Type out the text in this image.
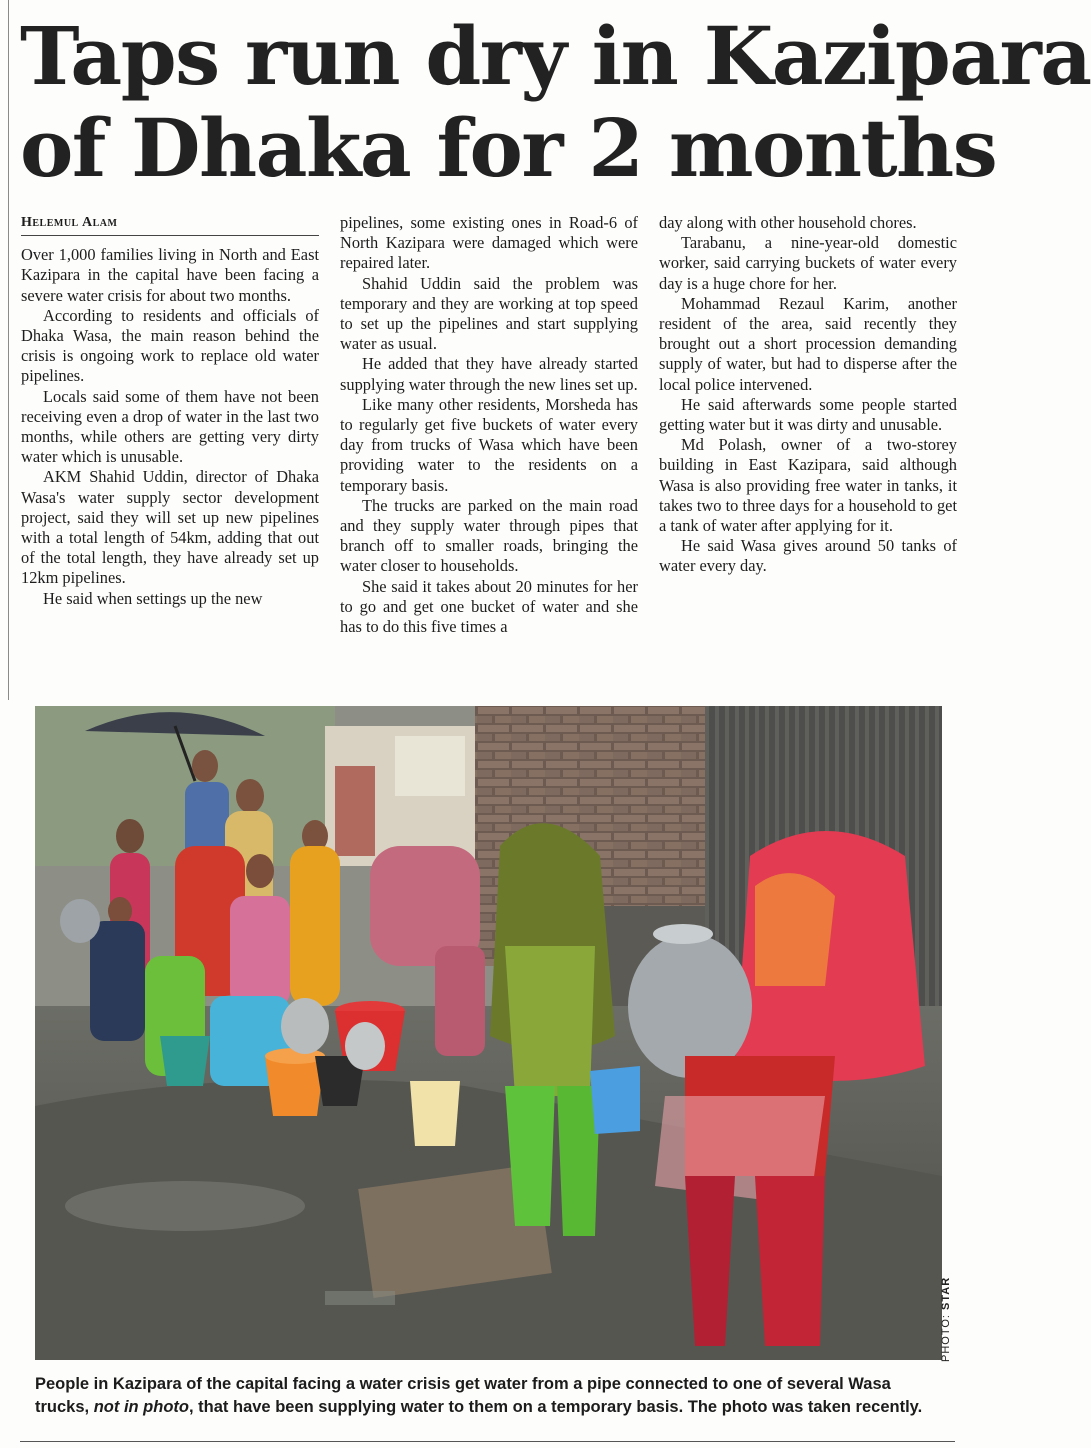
Taps run dry in Kazipara
of Dhaka for 2 months
Helemul Alam

Over 1,000 families living in North and East Kazipara in the capital have been facing a severe water crisis for about two months.

According to residents and officials of Dhaka Wasa, the main reason behind the crisis is ongoing work to replace old water pipelines.

Locals said some of them have not been receiving even a drop of water in the last two months, while others are getting very dirty water which is unusable.

AKM Shahid Uddin, director of Dhaka Wasa's water supply sector development project, said they will set up new pipelines with a total length of 54km, adding that out of the total length, they have already set up 12km pipelines.

He said when settings up the new

pipelines, some existing ones in Road-6 of North Kazipara were damaged which were repaired later.

Shahid Uddin said the problem was temporary and they are working at top speed to set up the pipelines and start supplying water as usual.

He added that they have already started supplying water through the new lines set up.

Like many other residents, Morsheda has to regularly get five buckets of water every day from trucks of Wasa which have been providing water to the residents on a temporary basis.

The trucks are parked on the main road and they supply water through pipes that branch off to smaller roads, bringing the water closer to households.

She said it takes about 20 minutes for her to go and get one bucket of water and she has to do this five times a

day along with other household chores.

Tarabanu, a nine-year-old domestic worker, said carrying buckets of water every day is a huge chore for her.

Mohammad Rezaul Karim, another resident of the area, said recently they brought out a short procession demanding supply of water, but had to disperse after the local police intervened.

He said afterwards some people started getting water but it was dirty and unusable.

Md Polash, owner of a two-storey building in East Kazipara, said although Wasa is also providing free water in tanks, it takes two to three days for a household to get a tank of water after applying for it.

He said Wasa gives around 50 tanks of water every day.

PHOTO: STAR
People in Kazipara of the capital facing a water crisis get water from a pipe connected to one of several Wasa trucks, not in photo, that have been supplying water to them on a temporary basis. The photo was taken recently.
